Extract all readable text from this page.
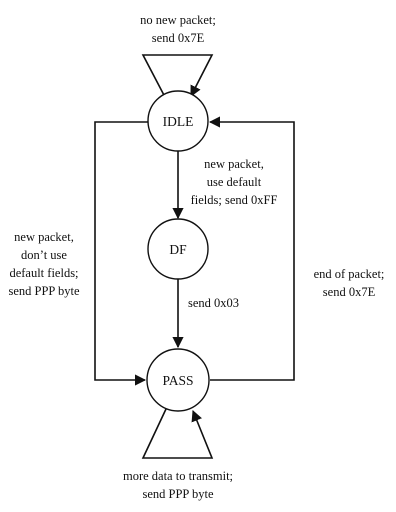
IDLE
DF
PASS
no new packet;
send 0x7E
new packet,
use default
fields; send 0xFF
new packet,
don’t use
default fields;
send PPP byte
send 0x03
end of packet;
send 0x7E
more data to transmit;
send PPP byte
